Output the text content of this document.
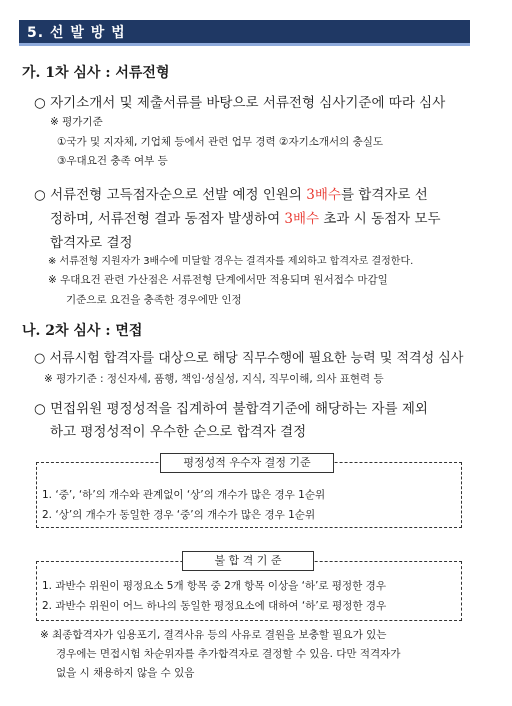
5. 선 발 방 법
가. 1차 심사 : 서류전형
○ 자기소개서 및 제출서류를 바탕으로 서류전형 심사기준에 따라 심사
※ 평가기준
①국가 및 지자체, 기업체 등에서 관련 업무 경력 ②자기소개서의 충실도
③우대요건 충족 여부 등
○ 서류전형 고득점자순으로 선발 예정 인원의 3배수를 합격자로 선
정하며, 서류전형 결과 동점자 발생하여 3배수 초과 시 동점자 모두
합격자로 결정
※ 서류전형 지원자가 3배수에 미달할 경우는 결격자를 제외하고 합격자로 결정한다.
※ 우대요건 관련 가산점은 서류전형 단계에서만 적용되며 원서접수 마감일
기준으로 요건을 충족한 경우에만 인정
나. 2차 심사 : 면접
○ 서류시험 합격자를 대상으로 해당 직무수행에 필요한 능력 및 적격성 심사
※ 평가기준 : 정신자세, 품행, 책임·성실성, 지식, 직무이해, 의사 표현력 등
○ 면접위원 평정성적을 집계하여 불합격기준에 해당하는 자를 제외
하고 평정성적이 우수한 순으로 합격자 결정
평정성적 우수자 결정 기준
1. ‘중’, ‘하’의 개수와 관계없이 ‘상’의 개수가 많은 경우 1순위
2. ‘상’의 개수가 동일한 경우 ‘중’의 개수가 많은 경우 1순위
불 합 격 기 준
1. 과반수 위원이 평정요소 5개 항목 중 2개 항목 이상을 ‘하’로 평정한 경우
2. 과반수 위원이 어느 하나의 동일한 평정요소에 대하여 ‘하’로 평정한 경우
※ 최종합격자가 임용포기, 결격사유 등의 사유로 결원을 보충할 필요가 있는
경우에는 면접시험 차순위자를 추가합격자로 결정할 수 있음. 다만 적격자가
없을 시 채용하지 않을 수 있음
